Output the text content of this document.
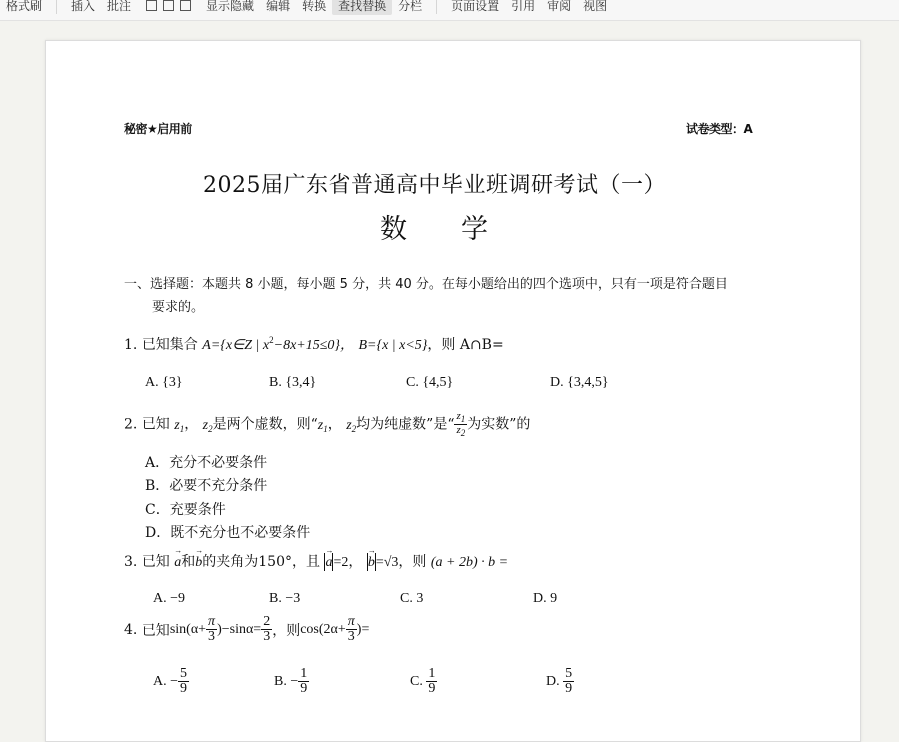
格式刷	插入	批注	显示隐藏	编辑	转换	查找替换	分栏	页面设置	引用	审阅	视图
秘密★启用前	试卷类型：A
2025届广东省普通高中毕业班调研考试（一）
数　　学
一、选择题：本题共 8 小题，每小题 5 分，共 40 分。在每小题给出的四个选项中，只有一项是符合题目
要求的。
1. 已知集合 A={x∈Z | $x^2-8x+15\le 0$}， B={x | x<5}，则 A∩B=
A. {3}	B. {3,4}	C. {4,5}	D. {3,4,5}
2. 已知 $z_1$， $z_2$是两个虚数，则“$z_1$， $z_2$均为纯虚数”是“ $\frac{z_1}{z_2}$ 为实数”的
A．充分不必要条件
B．必要不充分条件
C．充要条件
D．既不充分也不必要条件
3. 已知 → a和→ b的夹角为150°，且 → a=2， → b=√3，则 (a + 2b) · b =
A. −9	B. −3	C. 3	D. 9
4.
已知 $\sin(\alpha+ \frac{\pi}{3} )-\sin\alpha= \frac{2}{3}$ ，则 $\cos(2\alpha+ \frac{\pi}{3}$ )=
A.
− $\frac{5}{9}$	B.
− $\frac{1}{9}$	C.
$\frac{1}{9}$	D.
$\frac{5}{9}$
